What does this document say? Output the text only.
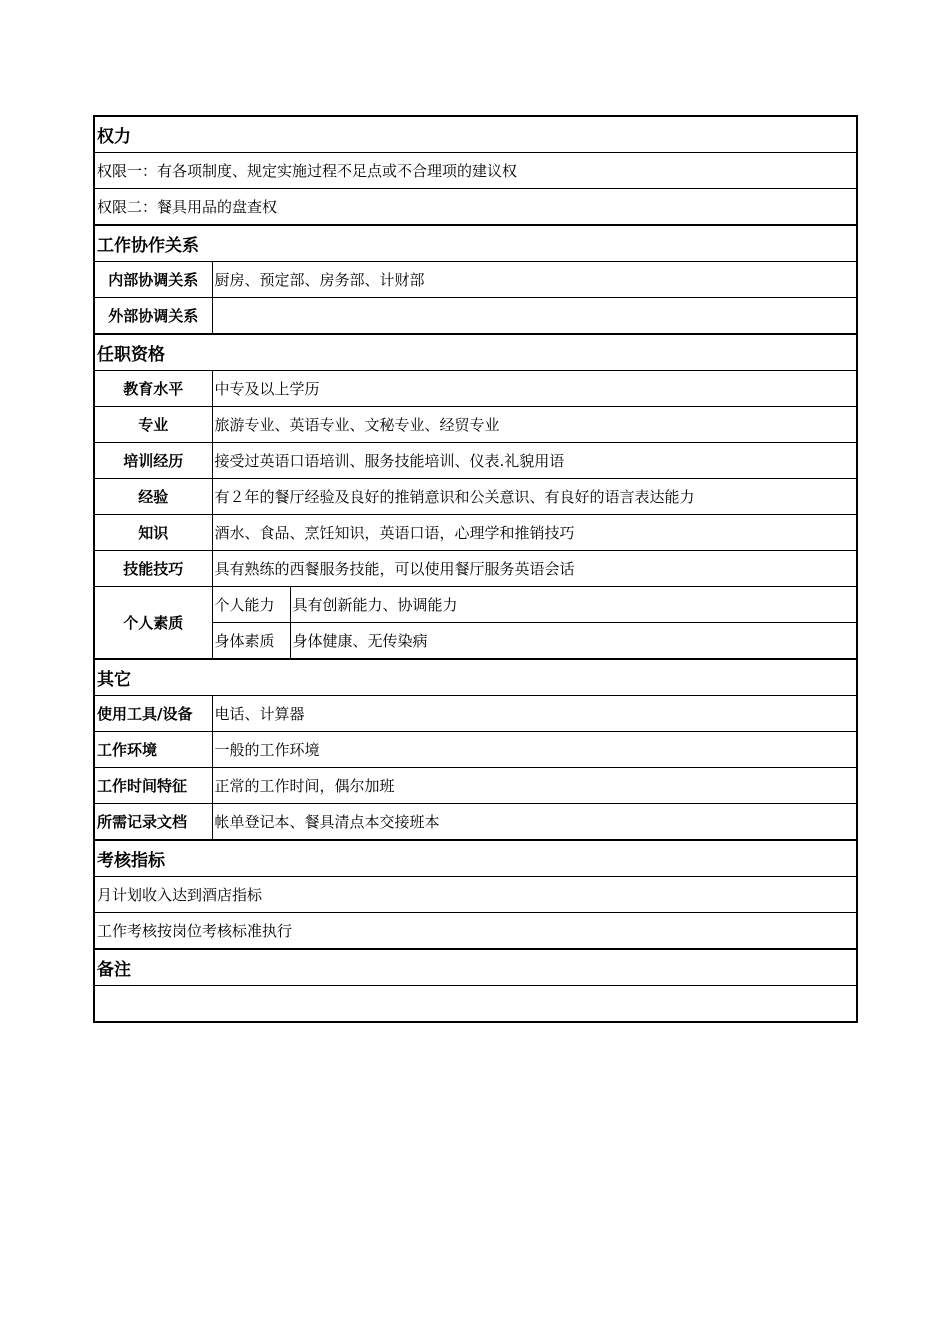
权力		
权限一：有各项制度、规定实施过程不足点或不合理项的建议权		
权限二：餐具用品的盘查权		
工作协作关系		
内部协调关系	厨房、预定部、房务部、计财部	
外部协调关系		
任职资格		
教育水平	中专及以上学历	
专业	旅游专业、英语专业、文秘专业、经贸专业	
培训经历	接受过英语口语培训、服务技能培训、仪表.礼貌用语	
经验	有２年的餐厅经验及良好的推销意识和公关意识、有良好的语言表达能力	
知识	酒水、食品、烹饪知识，英语口语，心理学和推销技巧	
技能技巧	具有熟练的西餐服务技能，可以使用餐厅服务英语会话	
个人素质	个人能力	具有创新能力、协调能力
	身体素质	身体健康、无传染病
其它		
使用工具/设备	电话、计算器	
工作环境	一般的工作环境	
工作时间特征	正常的工作时间，偶尔加班	
所需记录文档	帐单登记本、餐具清点本交接班本	
考核指标		
月计划收入达到酒店指标		
工作考核按岗位考核标准执行		
备注		
